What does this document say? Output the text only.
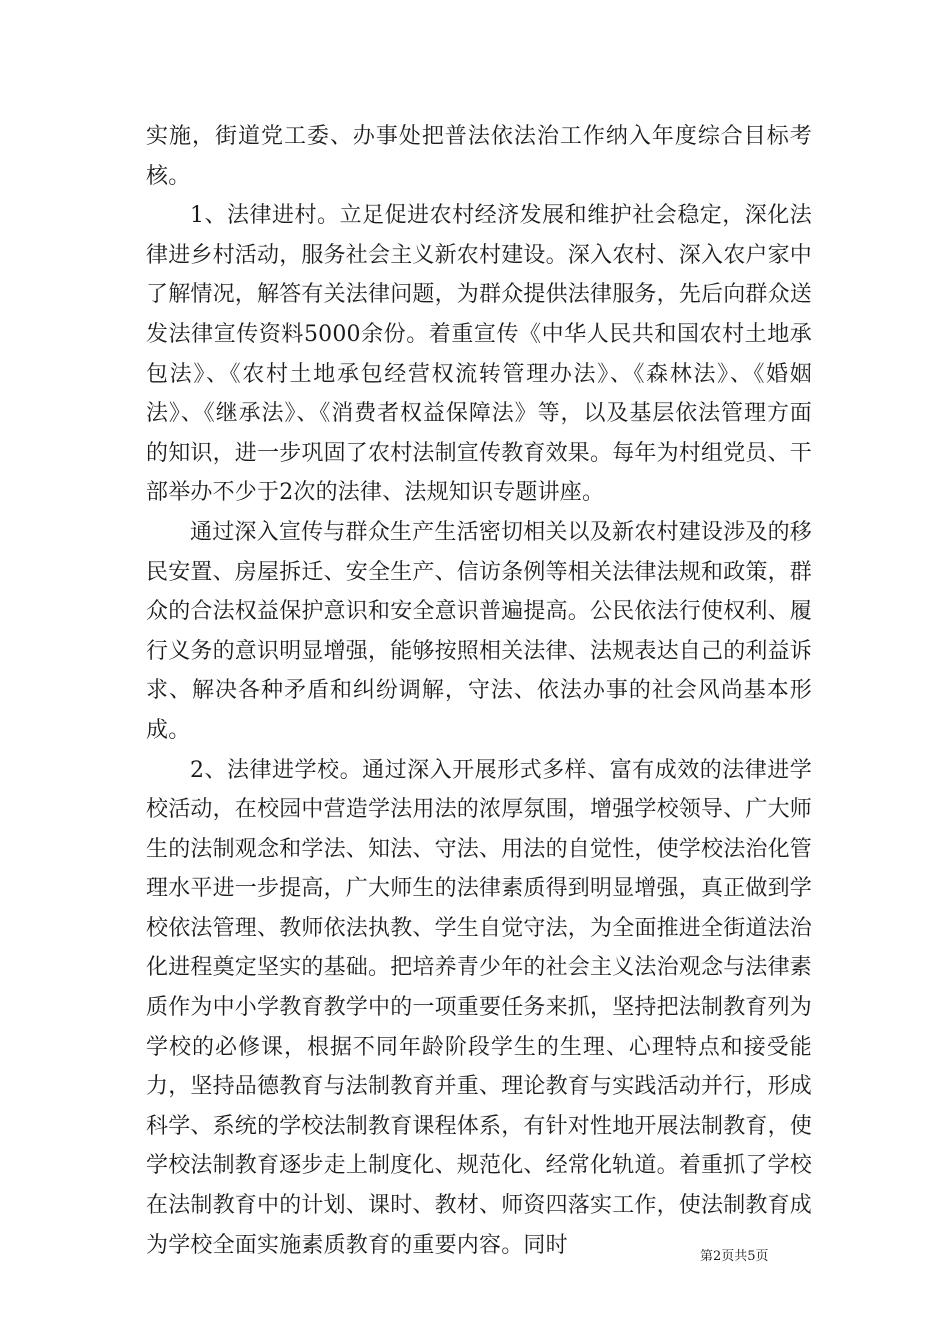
实施，街道党工委、办事处把普法依法治工作纳入年度综合目标考核。

1、法律进村。立足促进农村经济发展和维护社会稳定，深化法律进乡村活动，服务社会主义新农村建设。深入农村、深入农户家中了解情况，解答有关法律问题，为群众提供法律服务，先后向群众送发法律宣传资料5000余份。着重宣传《中华人民共和国农村土地承包法》、《农村土地承包经营权流转管理办法》、《森林法》、《婚姻法》、《继承法》、《消费者权益保障法》等，以及基层依法管理方面的知识，进一步巩固了农村法制宣传教育效果。每年为村组党员、干部举办不少于2次的法律、法规知识专题讲座。

通过深入宣传与群众生产生活密切相关以及新农村建设涉及的移民安置、房屋拆迁、安全生产、信访条例等相关法律法规和政策，群众的合法权益保护意识和安全意识普遍提高。公民依法行使权利、履行义务的意识明显增强，能够按照相关法律、法规表达自己的利益诉求、解决各种矛盾和纠纷调解，守法、依法办事的社会风尚基本形成。

2、法律进学校。通过深入开展形式多样、富有成效的法律进学校活动，在校园中营造学法用法的浓厚氛围，增强学校领导、广大师生的法制观念和学法、知法、守法、用法的自觉性，使学校法治化管理水平进一步提高，广大师生的法律素质得到明显增强，真正做到学校依法管理、教师依法执教、学生自觉守法，为全面推进全街道法治化进程奠定坚实的基础。把培养青少年的社会主义法治观念与法律素质作为中小学教育教学中的一项重要任务来抓，坚持把法制教育列为学校的必修课，根据不同年龄阶段学生的生理、心理特点和接受能力，坚持品德教育与法制教育并重、理论教育与实践活动并行，形成科学、系统的学校法制教育课程体系，有针对性地开展法制教育，使学校法制教育逐步走上制度化、规范化、经常化轨道。着重抓了学校在法制教育中的计划、课时、教材、师资四落实工作，使法制教育成为学校全面实施素质教育的重要内容。同时	第2页共5页
